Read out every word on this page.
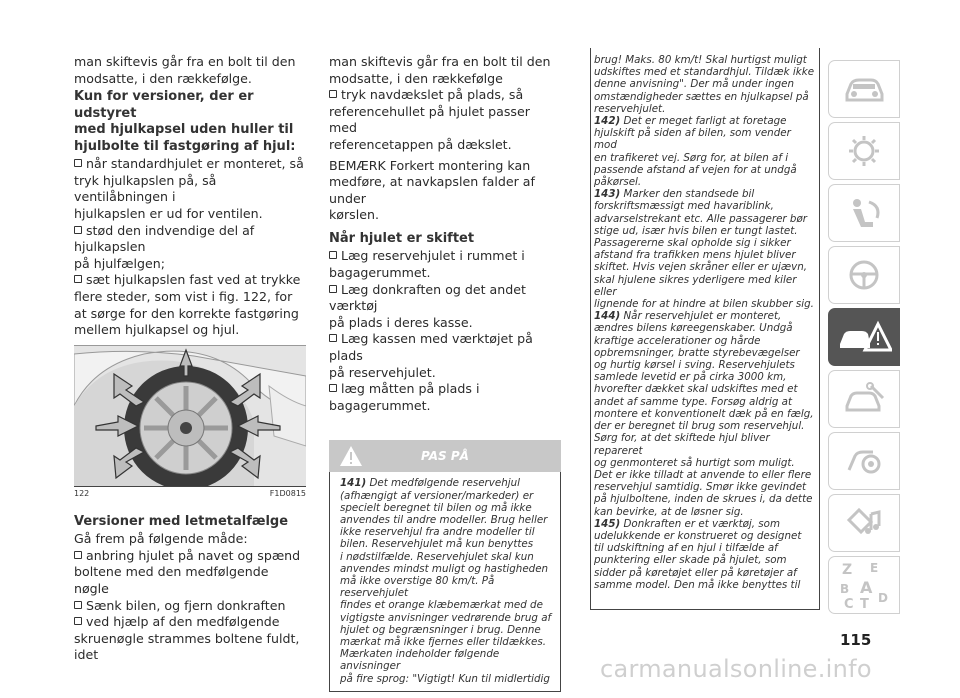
man skiftevis går fra en bolt til den

modsatte, i den rækkefølge.

Kun for versioner, der er udstyret

med hjulkapsel uden huller til

hjulbolte til fastgøring af hjul:

når standardhjulet er monteret, så

tryk hjulkapslen på, så ventilåbningen i

hjulkapslen er ud for ventilen.

stød den indvendige del af hjulkapslen

på hjulfælgen;

sæt hjulkapslen fast ved at trykke

flere steder, som vist i fig. 122, for

at sørge for den korrekte fastgøring

mellem hjulkapsel og hjul.

122	F1D0815
Versioner med letmetalfælge

Gå frem på følgende måde:

anbring hjulet på navet og spænd

boltene med den medfølgende nøgle

Sænk bilen, og fjern donkraften

ved hjælp af den medfølgende

skruenøgle strammes boltene fuldt, idet

man skiftevis går fra en bolt til den

modsatte, i den rækkefølge

tryk navdækslet på plads, så

referencehullet på hjulet passer med

referencetappen på dækslet.

BEMÆRK Forkert montering kan

medføre, at navkapslen falder af under

kørslen.

Når hjulet er skiftet

Læg reservehjulet i rummet i

bagagerummet.

Læg donkraften og det andet værktøj

på plads i deres kasse.

Læg kassen med værktøjet på plads

på reservehjulet.

læg måtten på plads i

bagagerummet.

PAS PÅ

141) Det medfølgende reservehjul

(afhængigt af versioner/markeder) er

specielt beregnet til bilen og må ikke

anvendes til andre modeller. Brug heller

ikke reservehjul fra andre modeller til

bilen. Reservehjulet må kun benyttes

i nødstilfælde. Reservehjulet skal kun

anvendes mindst muligt og hastigheden

må ikke overstige 80 km/t. På reservehjulet

findes et orange klæbemærkat med de

vigtigste anvisninger vedrørende brug af

hjulet og begrænsninger i brug. Denne

mærkat må ikke fjernes eller tildækkes.

Mærkaten indeholder følgende anvisninger

på fire sprog: "Vigtigt! Kun til midlertidig

brug! Maks. 80 km/t! Skal hurtigst muligt

udskiftes med et standardhjul. Tildæk ikke

denne anvisning". Der må under ingen

omstændigheder sættes en hjulkapsel på

reservehjulet.

142) Det er meget farligt at foretage

hjulskift på siden af bilen, som vender mod

en trafikeret vej. Sørg for, at bilen af i

passende afstand af vejen for at undgå

påkørsel.

143) Marker den standsede bil

forskriftsmæssigt med havariblink,

advarselstrekant etc. Alle passagerer bør

stige ud, især hvis bilen er tungt lastet.

Passagererne skal opholde sig i sikker

afstand fra trafikken mens hjulet bliver

skiftet. Hvis vejen skråner eller er ujævn,

skal hjulene sikres yderligere med kiler eller

lignende for at hindre at bilen skubber sig.

144) Når reservehjulet er monteret,

ændres bilens køreegenskaber. Undgå

kraftige accelerationer og hårde

opbremsninger, bratte styrebevægelser

og hurtig kørsel i sving. Reservehjulets

samlede levetid er på cirka 3000 km,

hvorefter dækket skal udskiftes med et

andet af samme type. Forsøg aldrig at

montere et konventionelt dæk på en fælg,

der er beregnet til brug som reservehjul.

Sørg for, at det skiftede hjul bliver repareret

og genmonteret så hurtigt som muligt.

Det er ikke tilladt at anvende to eller flere

reservehjul samtidig. Smør ikke gevindet

på hjulboltene, inden de skrues i, da dette

kan bevirke, at de løsner sig.

145) Donkraften er et værktøj, som

udelukkende er konstrueret og designet

til udskiftning af en hjul i tilfælde af

punktering eller skade på hjulet, som

sidder på køretøjet eller på køretøjer af

samme model. Den må ikke benyttes til

Z E
B A
C T D
115
carmanualsonline.info
